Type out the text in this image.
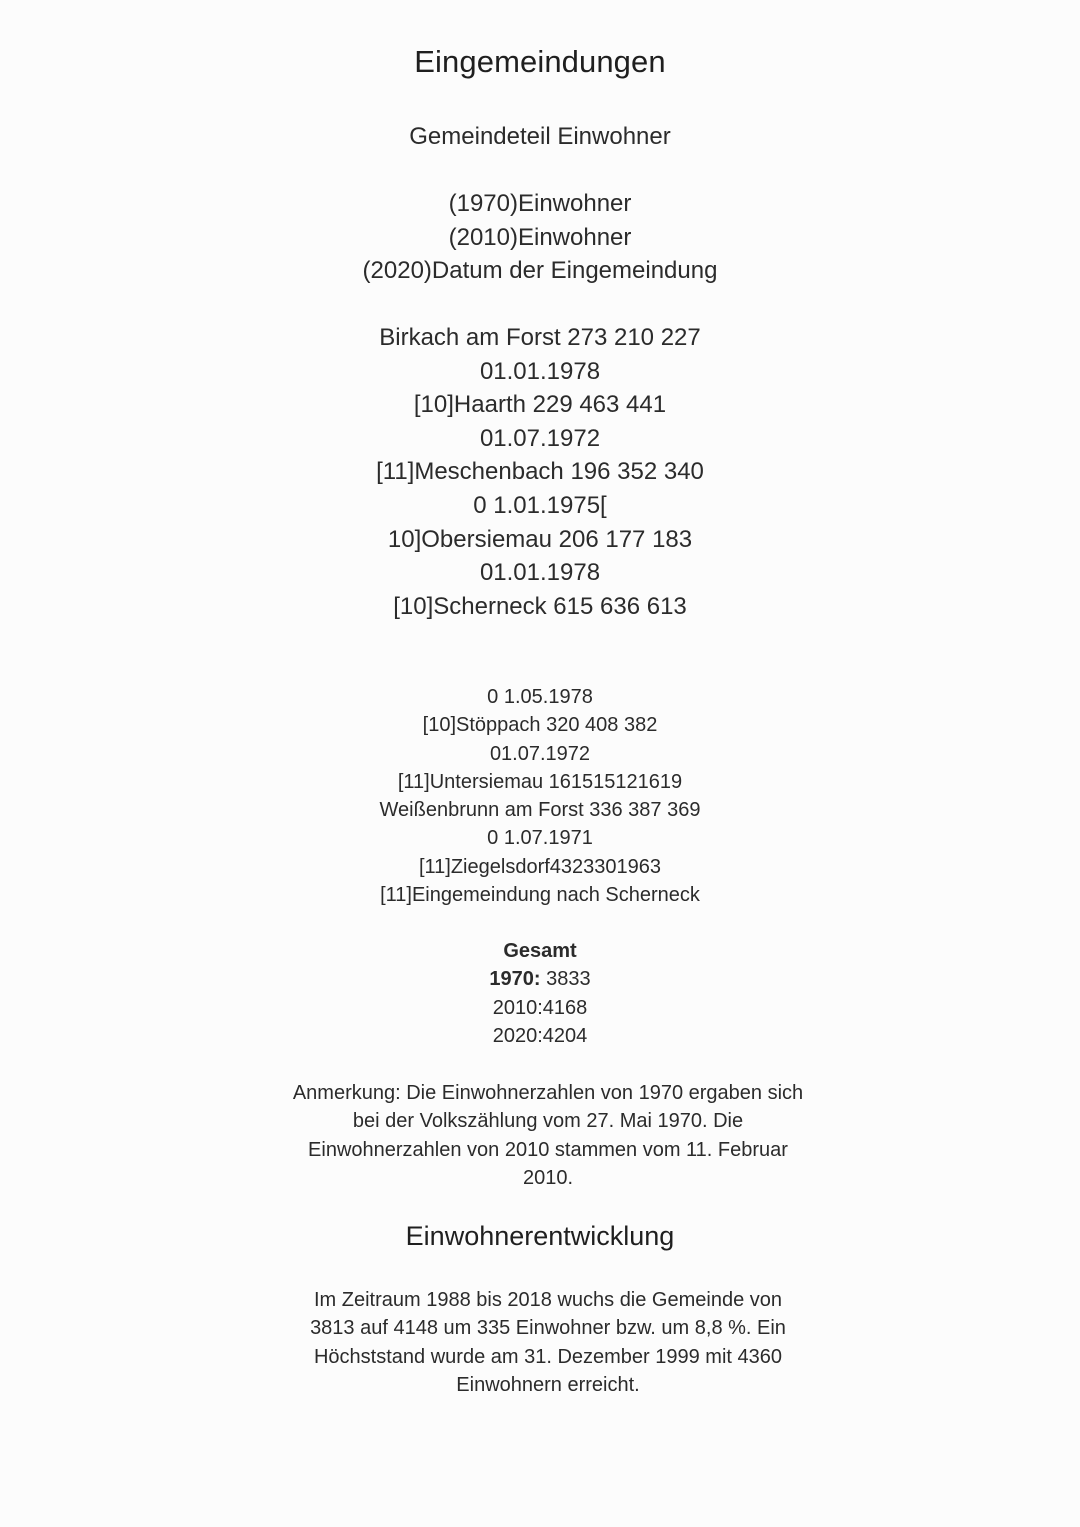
Eingemeindungen
Gemeindeteil Einwohner
(1970)Einwohner
(2010)Einwohner
(2020)Datum der Eingemeindung
Birkach am Forst 273 210 227
01.01.1978
[10]Haarth 229 463 441
01.07.1972
[11]Meschenbach 196 352 340
0 1.01.1975[
10]Obersiemau 206 177 183
01.01.1978
[10]Scherneck 615 636 613
0 1.05.1978
[10]Stöppach 320 408 382
01.07.1972
[11]Untersiemau 161515121619
Weißenbrunn am Forst 336 387 369
0 1.07.1971
[11]Ziegelsdorf4323301963
[11]Eingemeindung nach Scherneck
Gesamt
1970: 3833
2010:4168
2020:4204
Anmerkung: Die Einwohnerzahlen von 1970 ergaben sich bei der Volkszählung vom 27. Mai 1970. Die Einwohnerzahlen von 2010 stammen vom 11. Februar 2010.
Einwohnerentwicklung
Im Zeitraum 1988 bis 2018 wuchs die Gemeinde von 3813 auf 4148 um 335 Einwohner bzw. um 8,8 %. Ein Höchststand wurde am 31. Dezember 1999 mit 4360 Einwohnern erreicht.
